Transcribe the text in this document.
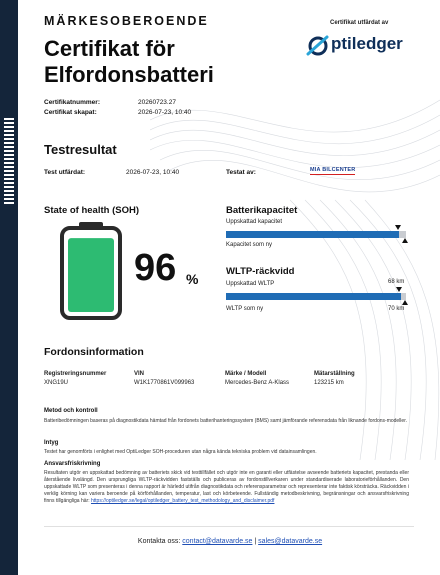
MÄRKESOBEROENDE
Certifikat för
Elfordonsbatteri
Certifikat utfärdat av
ptiledger
Certifikatnummer:	20260723.27
Certifikat skapat:	2026-07-23, 10:40
Testresultat
Test utfärdat:	2026-07-23, 10:40	Testat av:	MIA BILCENTER
State of health (SOH)
96 %
Batterikapacitet
Uppskattad kapacitet
Kapacitet som ny
WLTP-räckvidd
Uppskattad WLTP	68 km
WLTP som ny	70 km
Fordonsinformation
Registreringsnummer
XNG19U
VIN
W1K1770861V099963
Märke / Modell
Mercedes-Benz A-Klass
Mätarställning
123215 km
Metod och kontroll
Batteribedömningen baseras på diagnostikdata hämtad från fordonets batterihanteringssystem (BMS) samt jämförande referensdata från liknande fordons-modeller.
Intyg
Testet har genomförts i enlighet med OptiLedger SOH-proceduren utan några kända tekniska problem vid datainsamlingen.
Ansvarsfriskrivning
Resultaten utgör en uppskattad bedömning av batteriets skick vid testtillfället och utgör inte en garanti eller utfästelse avseende batteriets kapacitet, prestanda eller återstående livslängd. Den ursprungliga WLTP-räckvidden fastställs och publiceras av fordonstillverkaren under standardiserade laboratorieförhållanden. Den uppskattade WLTP som presenteras i denna rapport är härledd utifrån diagnostikdata och referensparametrar och representerar inte faktisk körsträcka. Räckvidden i verklig körning kan variera beroende på körförhållanden, temperatur, last och körbeteende. Fullständig metodbeskrivning, begränsningar och ansvarsfriskrivning finns tillgängliga här: https://optiledger.se/legal/optiledger_battery_test_methodology_and_disclaimer.pdf
Kontakta oss: contact@datavarde.se | sales@datavarde.se
